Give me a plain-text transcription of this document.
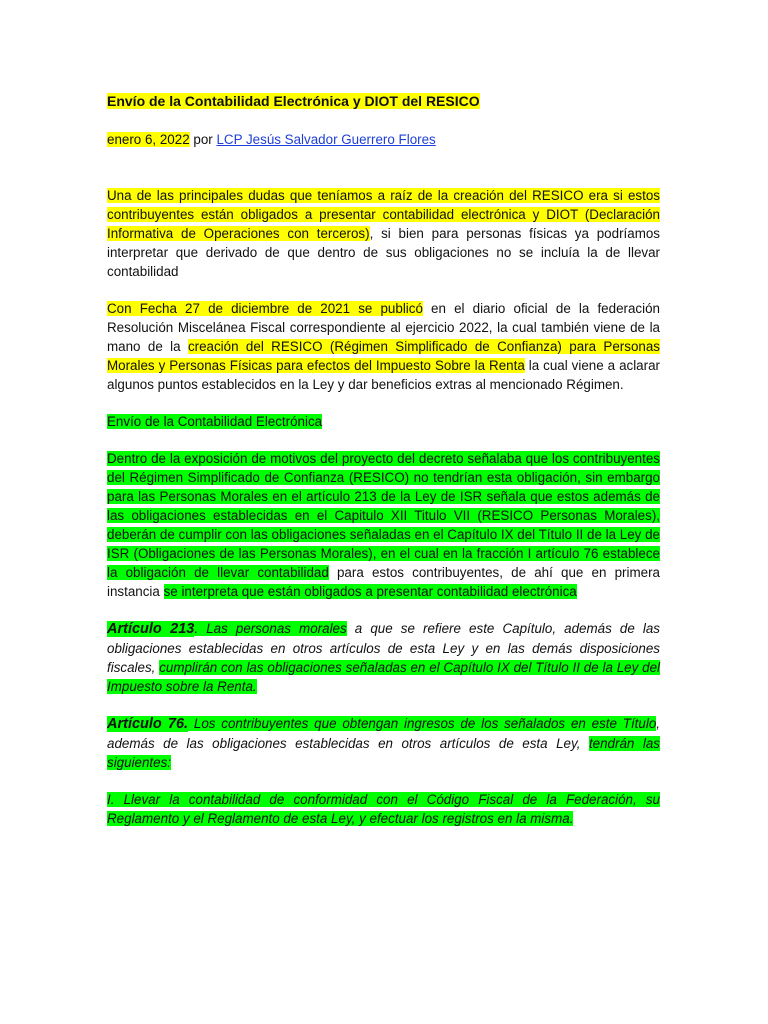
Envío de la Contabilidad Electrónica y DIOT del RESICO

enero 6, 2022 por LCP Jesús Salvador Guerrero Flores

Una de las principales dudas que teníamos a raíz de la creación del RESICO era si estos contribuyentes están obligados a presentar contabilidad electrónica y DIOT (Declaración Informativa de Operaciones con terceros), si bien para personas físicas ya podríamos interpretar que derivado de que dentro de sus obligaciones no se incluía la de llevar contabilidad

Con Fecha 27 de diciembre de 2021 se publicó en el diario oficial de la federación Resolución Miscelánea Fiscal correspondiente al ejercicio 2022, la cual también viene de la mano de la creación del RESICO (Régimen Simplificado de Confianza) para Personas Morales y Personas Físicas para efectos del Impuesto Sobre la Renta la cual viene a aclarar algunos puntos establecidos en la Ley y dar beneficios extras al mencionado Régimen.

Envío de la Contabilidad Electrónica

Dentro de la exposición de motivos del proyecto del decreto señalaba que los contribuyentes del Régimen Simplificado de Confianza (RESICO) no tendrían esta obligación, sin embargo para las Personas Morales en el artículo 213 de la Ley de ISR señala que estos además de las obligaciones establecidas en el Capitulo XII Titulo VII (RESICO Personas Morales), deberán de cumplir con las obligaciones señaladas en el Capítulo IX del Título II de la Ley de ISR (Obligaciones de las Personas Morales), en el cual en la fracción I artículo 76 establece la obligación de llevar contabilidad para estos contribuyentes, de ahí que en primera instancia se interpreta que están obligados a presentar contabilidad electrónica

Artículo 213. Las personas morales a que se refiere este Capítulo, además de las obligaciones establecidas en otros artículos de esta Ley y en las demás disposiciones fiscales, cumplirán con las obligaciones señaladas en el Capítulo IX del Título II de la Ley del Impuesto sobre la Renta.

Artículo 76. Los contribuyentes que obtengan ingresos de los señalados en este Título, además de las obligaciones establecidas en otros artículos de esta Ley, tendrán las siguientes:

I. Llevar la contabilidad de conformidad con el Código Fiscal de la Federación, su Reglamento y el Reglamento de esta Ley, y efectuar los registros en la misma.
